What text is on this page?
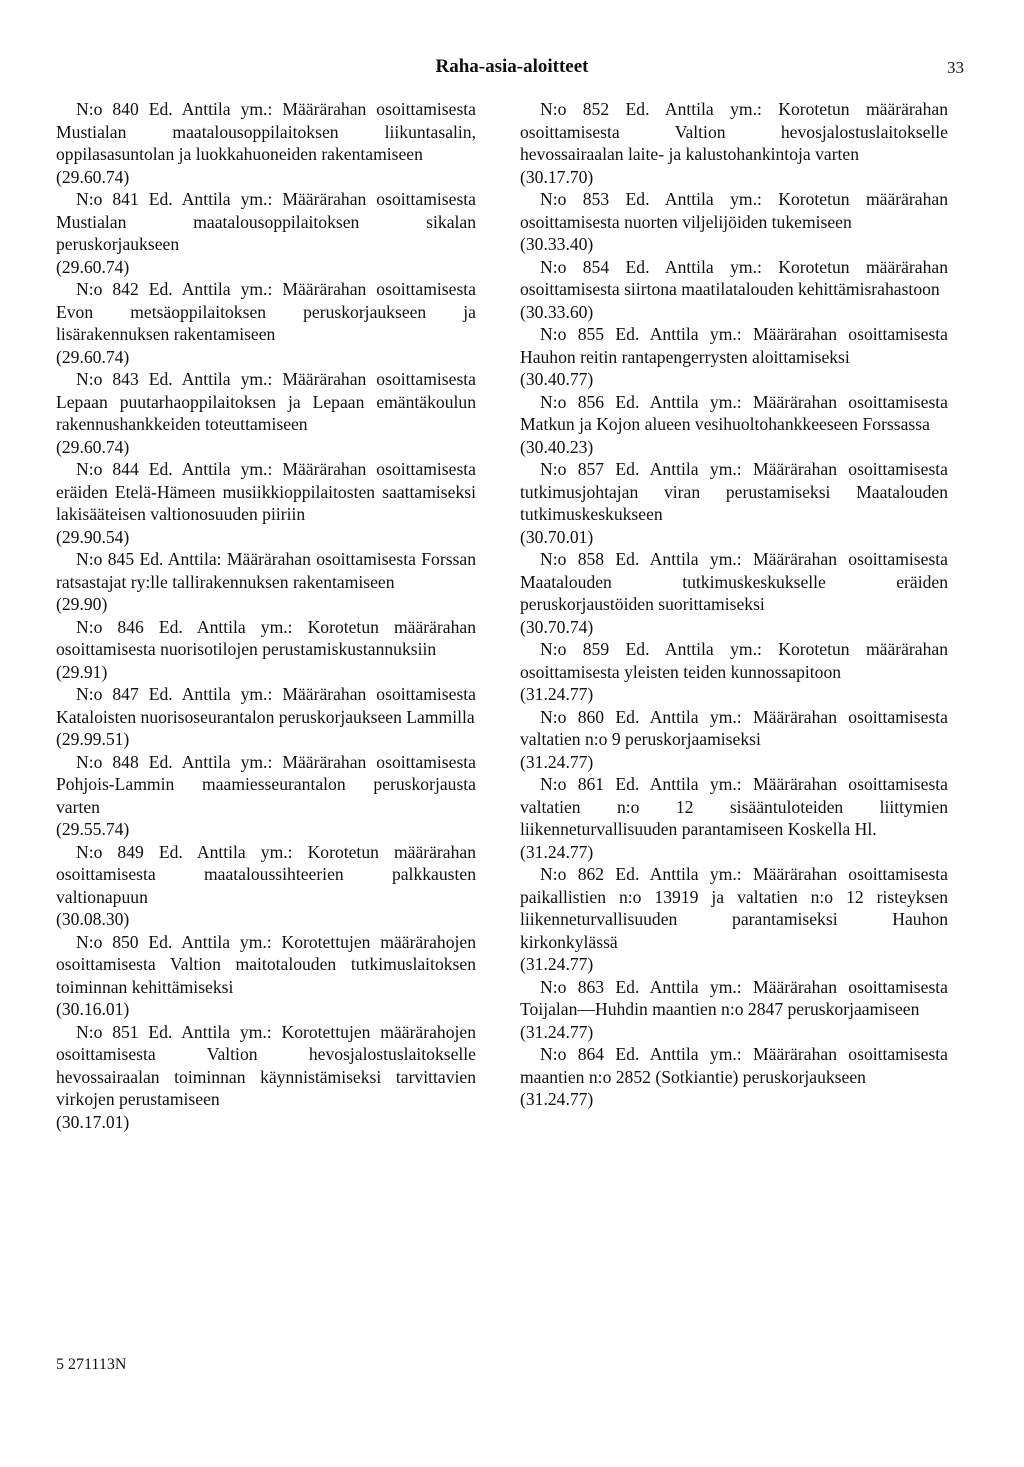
Raha-asia-aloitteet	33

N:o 840 Ed. Anttila ym.: Määrärahan osoittamisesta Mustialan maatalousoppilaitoksen liikuntasalin, oppilasasuntolan ja luokkahuoneiden rakentamiseen

(29.60.74)

N:o 841 Ed. Anttila ym.: Määrärahan osoittamisesta Mustialan maatalousoppilaitoksen sikalan peruskorjaukseen

(29.60.74)

N:o 842 Ed. Anttila ym.: Määrärahan osoittamisesta Evon metsäoppilaitoksen peruskorjaukseen ja lisärakennuksen rakentamiseen

(29.60.74)

N:o 843 Ed. Anttila ym.: Määrärahan osoittamisesta Lepaan puutarhaoppilaitoksen ja Lepaan emäntäkoulun rakennushankkeiden toteuttamiseen

(29.60.74)

N:o 844 Ed. Anttila ym.: Määrärahan osoittamisesta eräiden Etelä-Hämeen musiikkioppilaitosten saattamiseksi lakisääteisen valtionosuuden piiriin

(29.90.54)

N:o 845 Ed. Anttila: Määrärahan osoittamisesta Forssan ratsastajat ry:lle tallirakennuksen rakentamiseen

(29.90)

N:o 846 Ed. Anttila ym.: Korotetun määrärahan osoittamisesta nuorisotilojen perustamiskustannuksiin

(29.91)

N:o 847 Ed. Anttila ym.: Määrärahan osoittamisesta Kataloisten nuorisoseurantalon peruskorjaukseen Lammilla

(29.99.51)

N:o 848 Ed. Anttila ym.: Määrärahan osoittamisesta Pohjois-Lammin maamiesseurantalon peruskorjausta varten

(29.55.74)

N:o 849 Ed. Anttila ym.: Korotetun määrärahan osoittamisesta maataloussihteerien palkkausten valtionapuun

(30.08.30)

N:o 850 Ed. Anttila ym.: Korotettujen määrärahojen osoittamisesta Valtion maitotalouden tutkimuslaitoksen toiminnan kehittämiseksi

(30.16.01)

N:o 851 Ed. Anttila ym.: Korotettujen määrärahojen osoittamisesta Valtion hevosjalostuslaitokselle hevossairaalan toiminnan käynnistämiseksi tarvittavien virkojen perustamiseen

(30.17.01)

N:o 852 Ed. Anttila ym.: Korotetun määrärahan osoittamisesta Valtion hevosjalostuslaitokselle hevossairaalan laite- ja kalustohankintoja varten

(30.17.70)

N:o 853 Ed. Anttila ym.: Korotetun määrärahan osoittamisesta nuorten viljelijöiden tukemiseen

(30.33.40)

N:o 854 Ed. Anttila ym.: Korotetun määrärahan osoittamisesta siirtona maatilatalouden kehittämisrahastoon

(30.33.60)

N:o 855 Ed. Anttila ym.: Määrärahan osoittamisesta Hauhon reitin rantapengerrysten aloittamiseksi

(30.40.77)

N:o 856 Ed. Anttila ym.: Määrärahan osoittamisesta Matkun ja Kojon alueen vesihuoltohankkeeseen Forssassa

(30.40.23)

N:o 857 Ed. Anttila ym.: Määrärahan osoittamisesta tutkimusjohtajan viran perustamiseksi Maatalouden tutkimuskeskukseen

(30.70.01)

N:o 858 Ed. Anttila ym.: Määrärahan osoittamisesta Maatalouden tutkimuskeskukselle eräiden peruskorjaustöiden suorittamiseksi

(30.70.74)

N:o 859 Ed. Anttila ym.: Korotetun määrärahan osoittamisesta yleisten teiden kunnossapitoon

(31.24.77)

N:o 860 Ed. Anttila ym.: Määrärahan osoittamisesta valtatien n:o 9 peruskorjaamiseksi

(31.24.77)

N:o 861 Ed. Anttila ym.: Määrärahan osoittamisesta valtatien n:o 12 sisääntuloteiden liittymien liikenneturvallisuuden parantamiseen Koskella Hl.

(31.24.77)

N:o 862 Ed. Anttila ym.: Määrärahan osoittamisesta paikallistien n:o 13919 ja valtatien n:o 12 risteyksen liikenneturvallisuuden parantamiseksi Hauhon kirkonkylässä

(31.24.77)

N:o 863 Ed. Anttila ym.: Määrärahan osoittamisesta Toijalan—Huhdin maantien n:o 2847 peruskorjaamiseen

(31.24.77)

N:o 864 Ed. Anttila ym.: Määrärahan osoittamisesta maantien n:o 2852 (Sotkiantie) peruskorjaukseen

(31.24.77)

5 271113N
